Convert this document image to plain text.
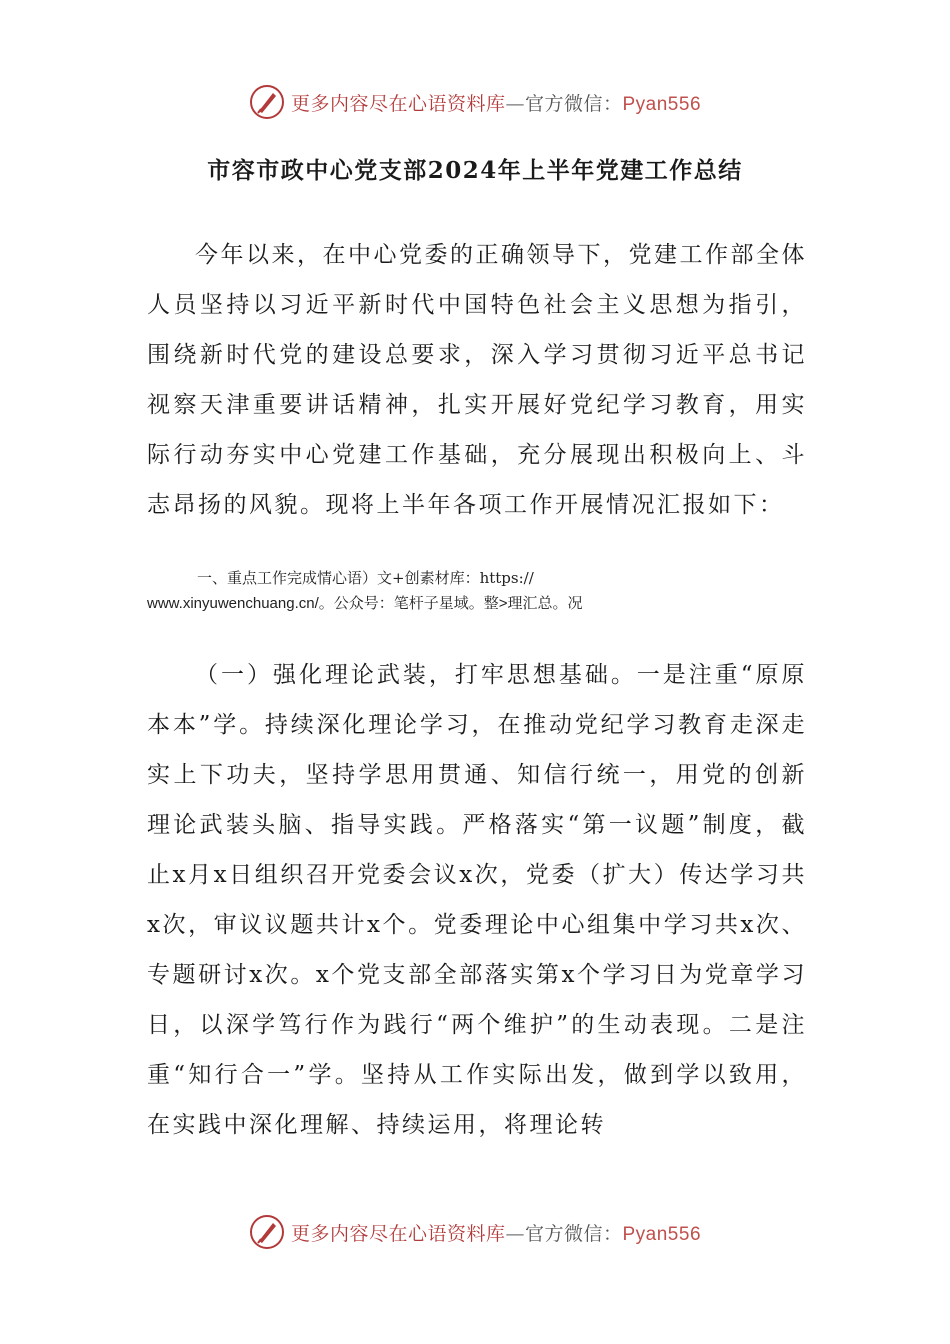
更多内容尽在心语资料库—官方微信：Pyan556
市容市政中心党支部2024年上半年党建工作总结
今年以来，在中心党委的正确领导下，党建工作部全体人员坚持以习近平新时代中国特色社会主义思想为指引，围绕新时代党的建设总要求，深入学习贯彻习近平总书记视察天津重要讲话精神，扎实开展好党纪学习教育，用实际行动夯实中心党建工作基础，充分展现出积极向上、斗志昂扬的风貌。现将上半年各项工作开展情况汇报如下：
一、重点工作完成情心语）文+创素材库：https://
www.xinyuwenchuang.cn/。公众号：笔杆子星域。整>理汇总。况
（一）强化理论武装，打牢思想基础。一是注重“原原本本”学。持续深化理论学习，在推动党纪学习教育走深走实上下功夫，坚持学思用贯通、知信行统一，用党的创新理论武装头脑、指导实践。严格落实“第一议题”制度，截止x月x日组织召开党委会议x次，党委（扩大）传达学习共x次，审议议题共计x个。党委理论中心组集中学习共x次、专题研讨x次。x个党支部全部落实第x个学习日为党章学习日，以深学笃行作为践行“两个维护”的生动表现。二是注重“知行合一”学。坚持从工作实际出发，做到学以致用，在实践中深化理解、持续运用，将理论转
更多内容尽在心语资料库—官方微信：Pyan556
